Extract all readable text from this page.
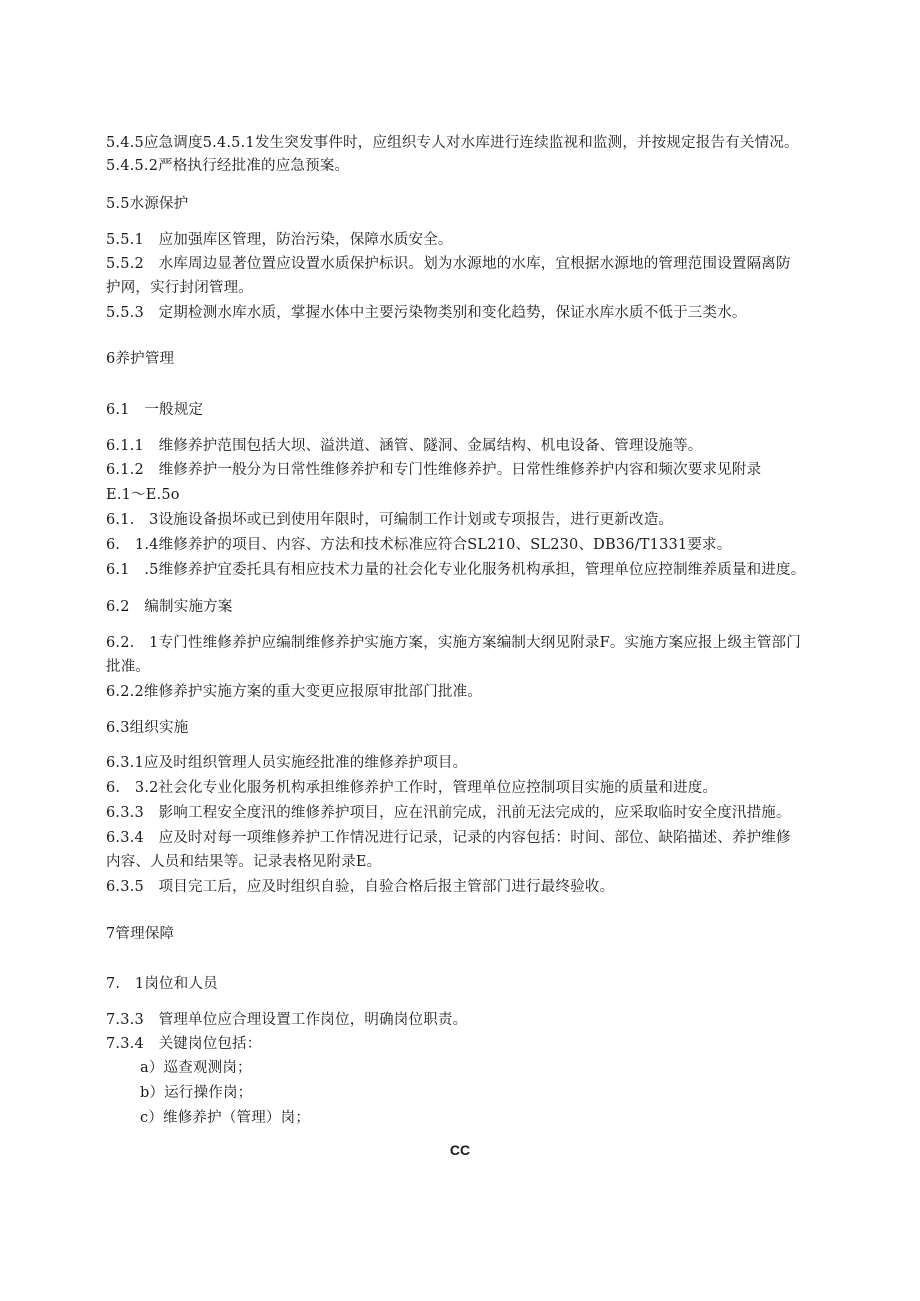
5.4.5应急调度5.4.5.1发生突发事件时，应组织专人对水库进行连续监视和监测，并按规定报告有关情况。
5.4.5.2严格执行经批准的应急预案。
5.5水源保护
5.5.1　应加强库区管理，防治污染，保障水质安全。
5.5.2　水库周边显著位置应设置水质保护标识。划为水源地的水库，宜根据水源地的管理范围设置隔离防
护网，实行封闭管理。
5.5.3　定期检测水库水质，掌握水体中主要污染物类别和变化趋势，保证水库水质不低于三类水。
6养护管理
6.1　一般规定
6.1.1　维修养护范围包括大坝、溢洪道、涵管、隧洞、金属结构、机电设备、管理设施等。
6.1.2　维修养护一般分为日常性维修养护和专门性维修养护。日常性维修养护内容和频次要求见附录
E.1～E.5o
6.1.　3设施设备损坏或已到使用年限时，可编制工作计划或专项报告，进行更新改造。
6.　1.4维修养护的项目、内容、方法和技术标准应符合SL210、SL230、DB36/T1331要求。
6.1　.5维修养护宜委托具有相应技术力量的社会化专业化服务机构承担，管理单位应控制维养质量和进度。
6.2　编制实施方案
6.2.　1专门性维修养护应编制维修养护实施方案，实施方案编制大纲见附录F。实施方案应报上级主管部门
批准。
6.2.2维修养护实施方案的重大变更应报原审批部门批准。
6.3组织实施
6.3.1应及时组织管理人员实施经批准的维修养护项目。
6.　3.2社会化专业化服务机构承担维修养护工作时，管理单位应控制项目实施的质量和进度。
6.3.3　影响工程安全度汛的维修养护项目，应在汛前完成，汛前无法完成的，应采取临时安全度汛措施。
6.3.4　应及时对每一项维修养护工作情况进行记录，记录的内容包括：时间、部位、缺陷描述、养护维修
内容、人员和结果等。记录表格见附录E。
6.3.5　项目完工后，应及时组织自验，自验合格后报主管部门进行最终验收。
7管理保障
7.　1岗位和人员
7.3.3　管理单位应合理设置工作岗位，明确岗位职责。
7.3.4　关键岗位包括：
a）巡查观测岗；
b）运行操作岗；
c）维修养护（管理）岗；
CC
